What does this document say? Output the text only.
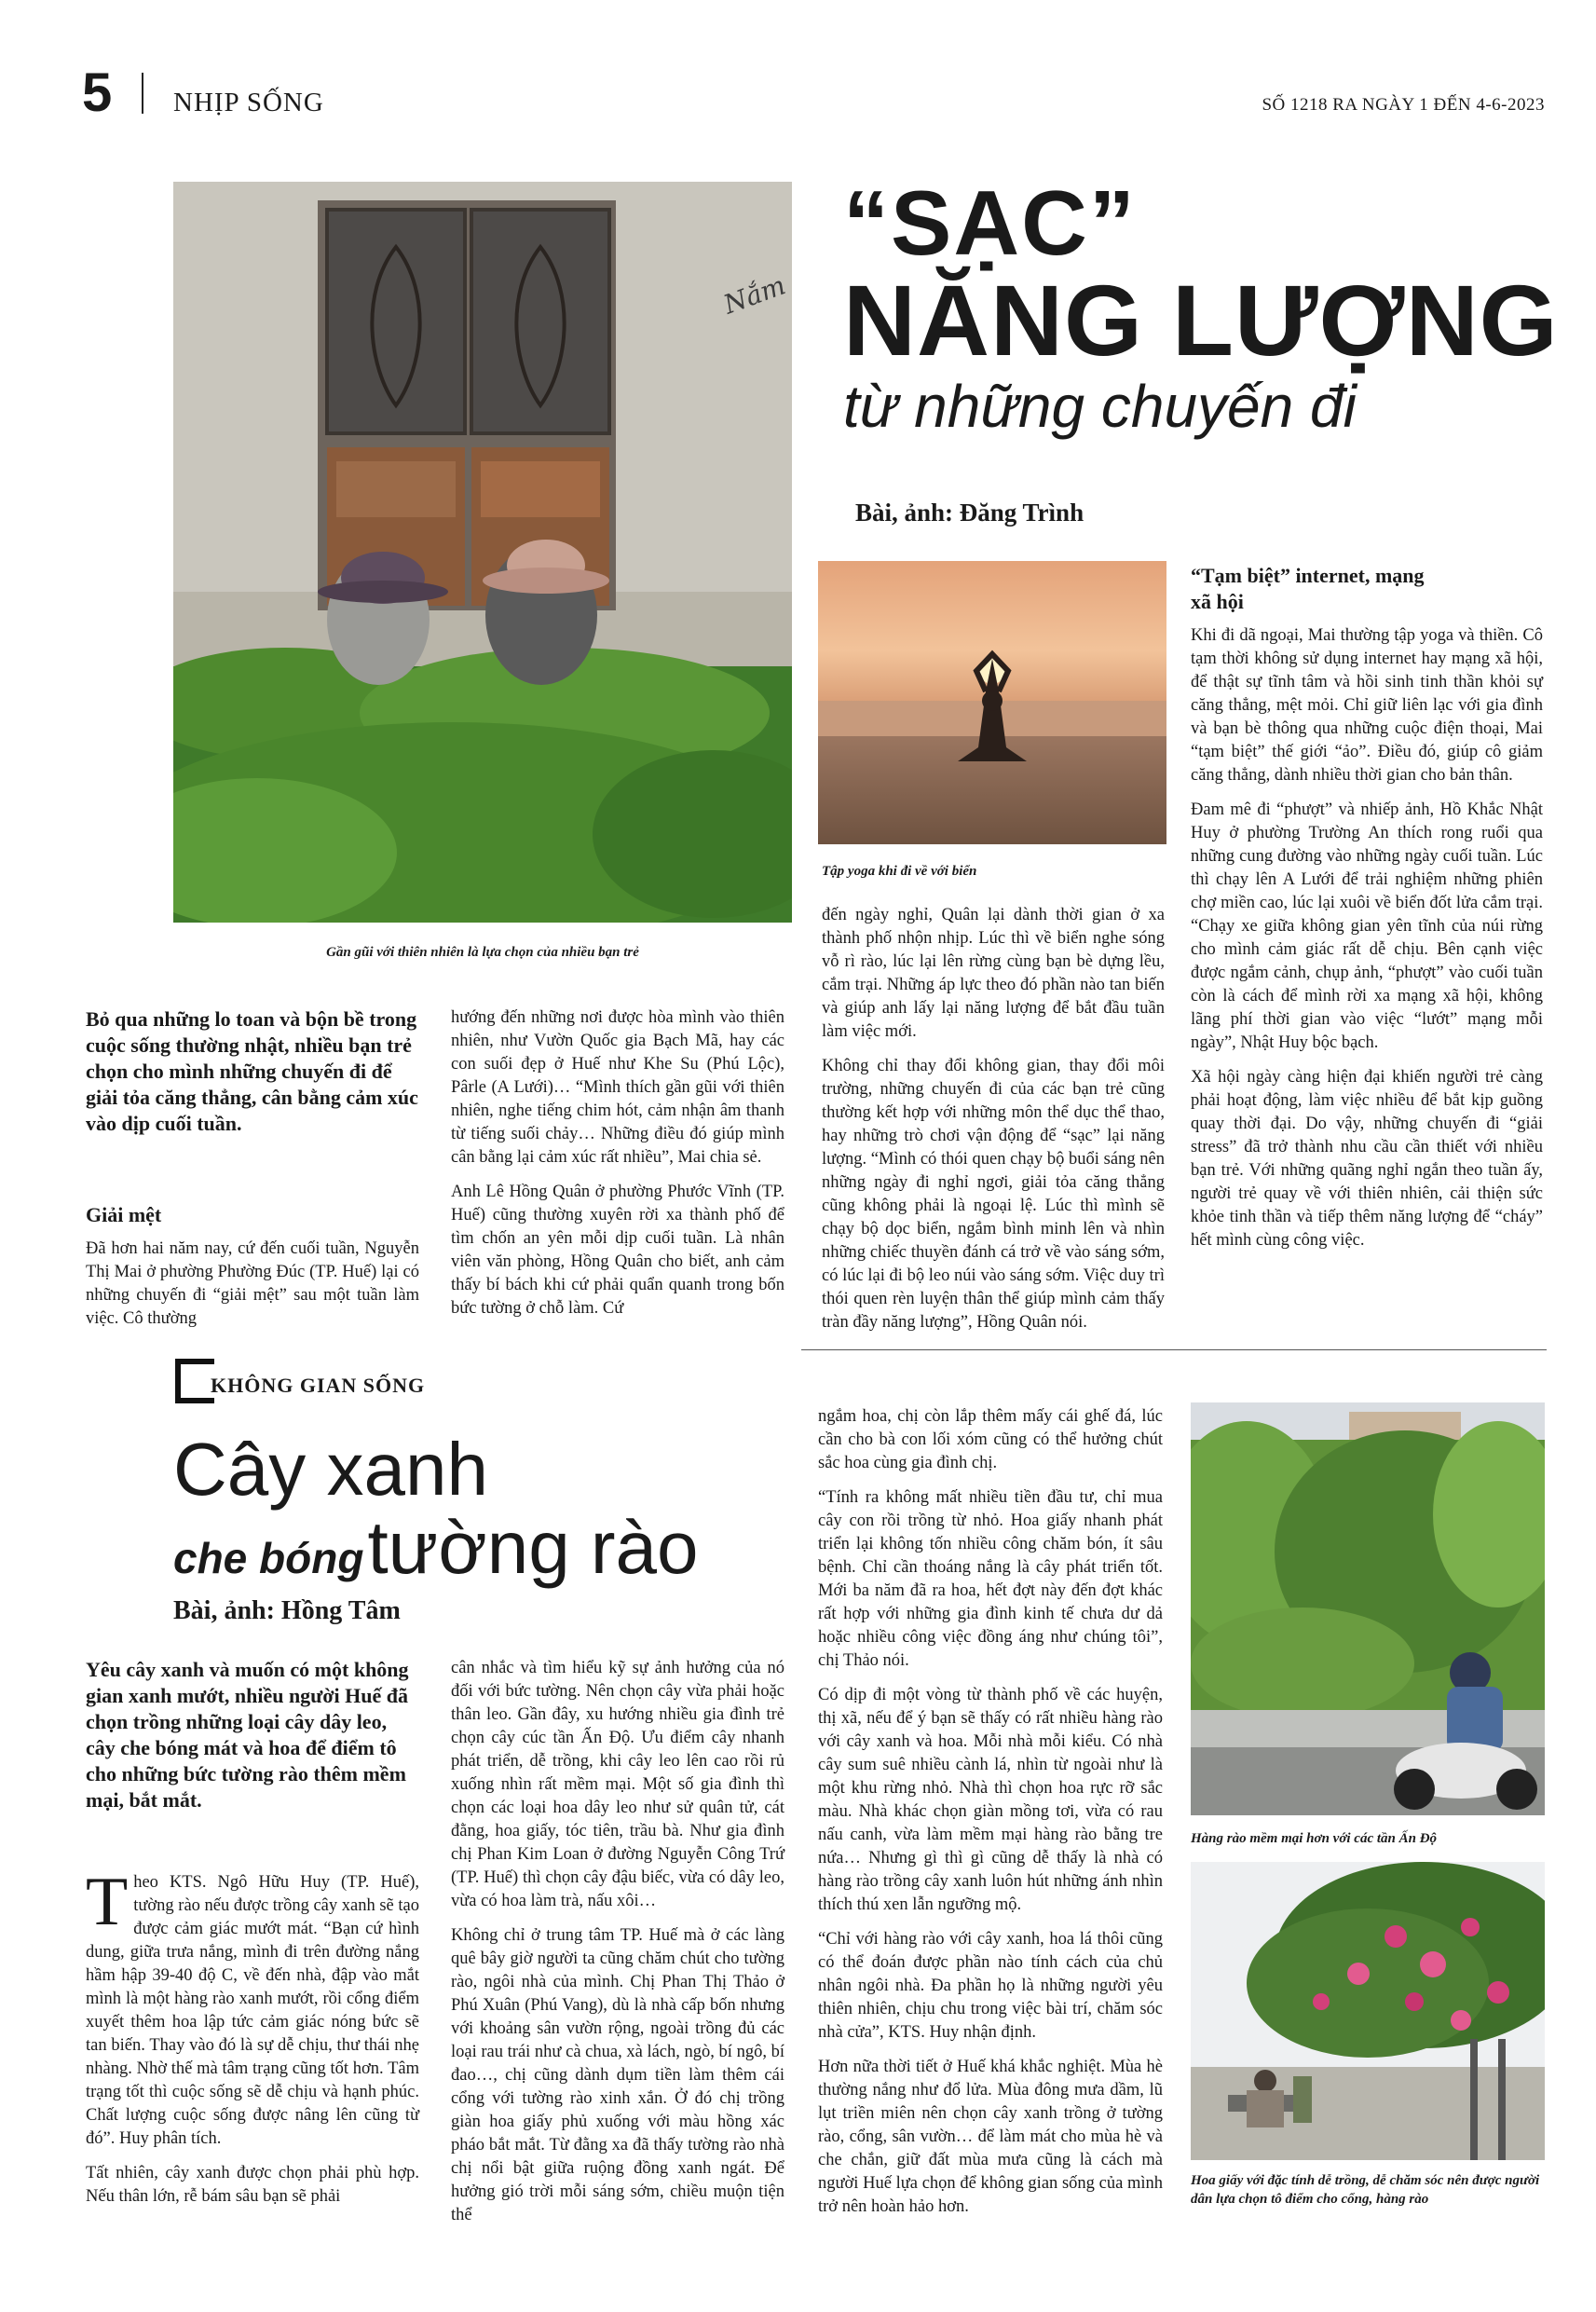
5 NHỊP SỐNG	SỐ 1218 RA NGÀY 1 ĐẾN 4-6-2023
Nắm
Gần gũi với thiên nhiên là lựa chọn của nhiều bạn trẻ
“SẠC”
NĂNG LƯỢNG
từ những chuyến đi
Bài, ảnh: Đăng Trình
Tập yoga khi đi về với biển
Bỏ qua những lo toan và bộn bề trong cuộc sống thường nhật, nhiều bạn trẻ chọn cho mình những chuyến đi để giải tỏa căng thẳng, cân bằng cảm xúc vào dịp cuối tuần.
Giải mệt

Đã hơn hai năm nay, cứ đến cuối tuần, Nguyễn Thị Mai ở phường Phường Đúc (TP. Huế) lại có những chuyến đi “giải mệt” sau một tuần làm việc. Cô thường

hướng đến những nơi được hòa mình vào thiên nhiên, như Vườn Quốc gia Bạch Mã, hay các con suối đẹp ở Huế như Khe Su (Phú Lộc), Pârle (A Lưới)… “Mình thích gần gũi với thiên nhiên, nghe tiếng chim hót, cảm nhận âm thanh từ tiếng suối chảy… Những điều đó giúp mình cân bằng lại cảm xúc rất nhiều”, Mai chia sẻ.

Anh Lê Hồng Quân ở phường Phước Vĩnh (TP. Huế) cũng thường xuyên rời xa thành phố để tìm chốn an yên mỗi dịp cuối tuần. Là nhân viên văn phòng, Hồng Quân cho biết, anh cảm thấy bí bách khi cứ phải quẩn quanh trong bốn bức tường ở chỗ làm. Cứ

đến ngày nghỉ, Quân lại dành thời gian ở xa thành phố nhộn nhịp. Lúc thì về biển nghe sóng vỗ rì rào, lúc lại lên rừng cùng bạn bè dựng lều, cắm trại. Những áp lực theo đó phần nào tan biến và giúp anh lấy lại năng lượng để bắt đầu tuần làm việc mới.

Không chỉ thay đổi không gian, thay đổi môi trường, những chuyến đi của các bạn trẻ cũng thường kết hợp với những môn thể dục thể thao, hay những trò chơi vận động để “sạc” lại năng lượng. “Mình có thói quen chạy bộ buổi sáng nên những ngày đi nghỉ ngơi, giải tỏa căng thẳng cũng không phải là ngoại lệ. Lúc thì mình sẽ chạy bộ dọc biển, ngắm bình minh lên và nhìn những chiếc thuyền đánh cá trở về vào sáng sớm, có lúc lại đi bộ leo núi vào sáng sớm. Việc duy trì thói quen rèn luyện thân thể giúp mình cảm thấy tràn đầy năng lượng”, Hồng Quân nói.

“Tạm biệt” internet, mạng xã hội

Khi đi dã ngoại, Mai thường tập yoga và thiền. Cô tạm thời không sử dụng internet hay mạng xã hội, để thật sự tĩnh tâm và hồi sinh tinh thần khỏi sự căng thẳng, mệt mỏi. Chỉ giữ liên lạc với gia đình và bạn bè thông qua những cuộc điện thoại, Mai “tạm biệt” thế giới “ảo”. Điều đó, giúp cô giảm căng thẳng, dành nhiều thời gian cho bản thân.

Đam mê đi “phượt” và nhiếp ảnh, Hồ Khắc Nhật Huy ở phường Trường An thích rong ruổi qua những cung đường vào những ngày cuối tuần. Lúc thì chạy lên A Lưới để trải nghiệm những phiên chợ miền cao, lúc lại xuôi về biển đốt lửa cắm trại. “Chạy xe giữa không gian yên tĩnh của núi rừng cho mình cảm giác rất dễ chịu. Bên cạnh việc được ngắm cảnh, chụp ảnh, “phượt” vào cuối tuần còn là cách để mình rời xa mạng xã hội, không lãng phí thời gian vào việc “lướt” mạng mỗi ngày”, Nhật Huy bộc bạch.

Xã hội ngày càng hiện đại khiến người trẻ càng phải hoạt động, làm việc nhiều để bắt kịp guồng quay thời đại. Do vậy, những chuyến đi “giải stress” đã trở thành nhu cầu cần thiết với nhiều bạn trẻ. Với những quãng nghỉ ngắn theo tuần ấy, người trẻ quay về với thiên nhiên, cải thiện sức khỏe tinh thần và tiếp thêm năng lượng để “cháy” hết mình cùng công việc.

KHÔNG GIAN SỐNG
Cây xanh
che bóng tường rào
Bài, ảnh: Hồng Tâm
Yêu cây xanh và muốn có một không gian xanh mướt, nhiều người Huế đã chọn trồng những loại cây dây leo, cây che bóng mát và hoa để điểm tô cho những bức tường rào thêm mềm mại, bắt mắt.

Theo KTS. Ngô Hữu Huy (TP. Huế), tường rào nếu được trồng cây xanh sẽ tạo được cảm giác mướt mát. “Bạn cứ hình dung, giữa trưa nắng, mình đi trên đường nắng hầm hập 39-40 độ C, về đến nhà, đập vào mắt mình là một hàng rào xanh mướt, rồi cổng điểm xuyết thêm hoa lập tức cảm giác nóng bức sẽ tan biến. Thay vào đó là sự dễ chịu, thư thái nhẹ nhàng. Nhờ thế mà tâm trạng cũng tốt hơn. Tâm trạng tốt thì cuộc sống sẽ dễ chịu và hạnh phúc. Chất lượng cuộc sống được nâng lên cũng từ đó”. Huy phân tích.

Tất nhiên, cây xanh được chọn phải phù hợp. Nếu thân lớn, rễ bám sâu bạn sẽ phải

cân nhắc và tìm hiểu kỹ sự ảnh hưởng của nó đối với bức tường. Nên chọn cây vừa phải hoặc thân leo. Gần đây, xu hướng nhiều gia đình trẻ chọn cây cúc tần Ấn Độ. Ưu điểm cây nhanh phát triển, dễ trồng, khi cây leo lên cao rồi rủ xuống nhìn rất mềm mại. Một số gia đình thì chọn các loại hoa dây leo như sử quân tử, cát đằng, hoa giấy, tóc tiên, trầu bà. Như gia đình chị Phan Kim Loan ở đường Nguyễn Công Trứ (TP. Huế) thì chọn cây đậu biếc, vừa có dây leo, vừa có hoa làm trà, nấu xôi…

Không chỉ ở trung tâm TP. Huế mà ở các làng quê bây giờ người ta cũng chăm chút cho tường rào, ngôi nhà của mình. Chị Phan Thị Thảo ở Phú Xuân (Phú Vang), dù là nhà cấp bốn nhưng với khoảng sân vườn rộng, ngoài trồng đủ các loại rau trái như cà chua, xà lách, ngò, bí ngô, bí đao…, chị cũng dành dụm tiền làm thêm cái cổng với tường rào xinh xắn. Ở đó chị trồng giàn hoa giấy phủ xuống với màu hồng xác pháo bắt mắt. Từ đằng xa đã thấy tường rào nhà chị nổi bật giữa ruộng đồng xanh ngát. Để hưởng gió trời mỗi sáng sớm, chiều muộn tiện thể

ngắm hoa, chị còn lắp thêm mấy cái ghế đá, lúc cần cho bà con lối xóm cũng có thể hưởng chút sắc hoa cùng gia đình chị.

“Tính ra không mất nhiều tiền đầu tư, chỉ mua cây con rồi trồng từ nhỏ. Hoa giấy nhanh phát triển lại không tốn nhiều công chăm bón, ít sâu bệnh. Chỉ cần thoáng nắng là cây phát triển tốt. Mới ba năm đã ra hoa, hết đợt này đến đợt khác rất hợp với những gia đình kinh tế chưa dư dả hoặc nhiều công việc đồng áng như chúng tôi”, chị Thảo nói.

Có dịp đi một vòng từ thành phố về các huyện, thị xã, nếu để ý bạn sẽ thấy có rất nhiều hàng rào với cây xanh và hoa. Mỗi nhà mỗi kiểu. Có nhà cây sum suê nhiều cành lá, nhìn từ ngoài như là một khu rừng nhỏ. Nhà thì chọn hoa rực rỡ sắc màu. Nhà khác chọn giàn mồng tơi, vừa có rau nấu canh, vừa làm mềm mại hàng rào bằng tre nứa… Nhưng gì thì gì cũng dễ thấy là nhà có hàng rào trồng cây xanh luôn hút những ánh nhìn thích thú xen lẫn ngưỡng mộ.

“Chỉ với hàng rào với cây xanh, hoa lá thôi cũng có thể đoán được phần nào tính cách của chủ nhân ngôi nhà. Đa phần họ là những người yêu thiên nhiên, chịu chu trong việc bài trí, chăm sóc nhà cửa”, KTS. Huy nhận định.

Hơn nữa thời tiết ở Huế khá khắc nghiệt. Mùa hè thường nắng như đổ lửa. Mùa đông mưa dầm, lũ lụt triền miên nên chọn cây xanh trồng ở tường rào, cổng, sân vườn… để làm mát cho mùa hè và che chắn, giữ đất mùa mưa cũng là cách mà người Huế lựa chọn để không gian sống của mình trở nên hoàn hảo hơn.

Hàng rào mềm mại hơn với các tần Ấn Độ
Hoa giấy với đặc tính dễ trồng, dễ chăm sóc nên được người dân lựa chọn tô điểm cho cổng, hàng rào
